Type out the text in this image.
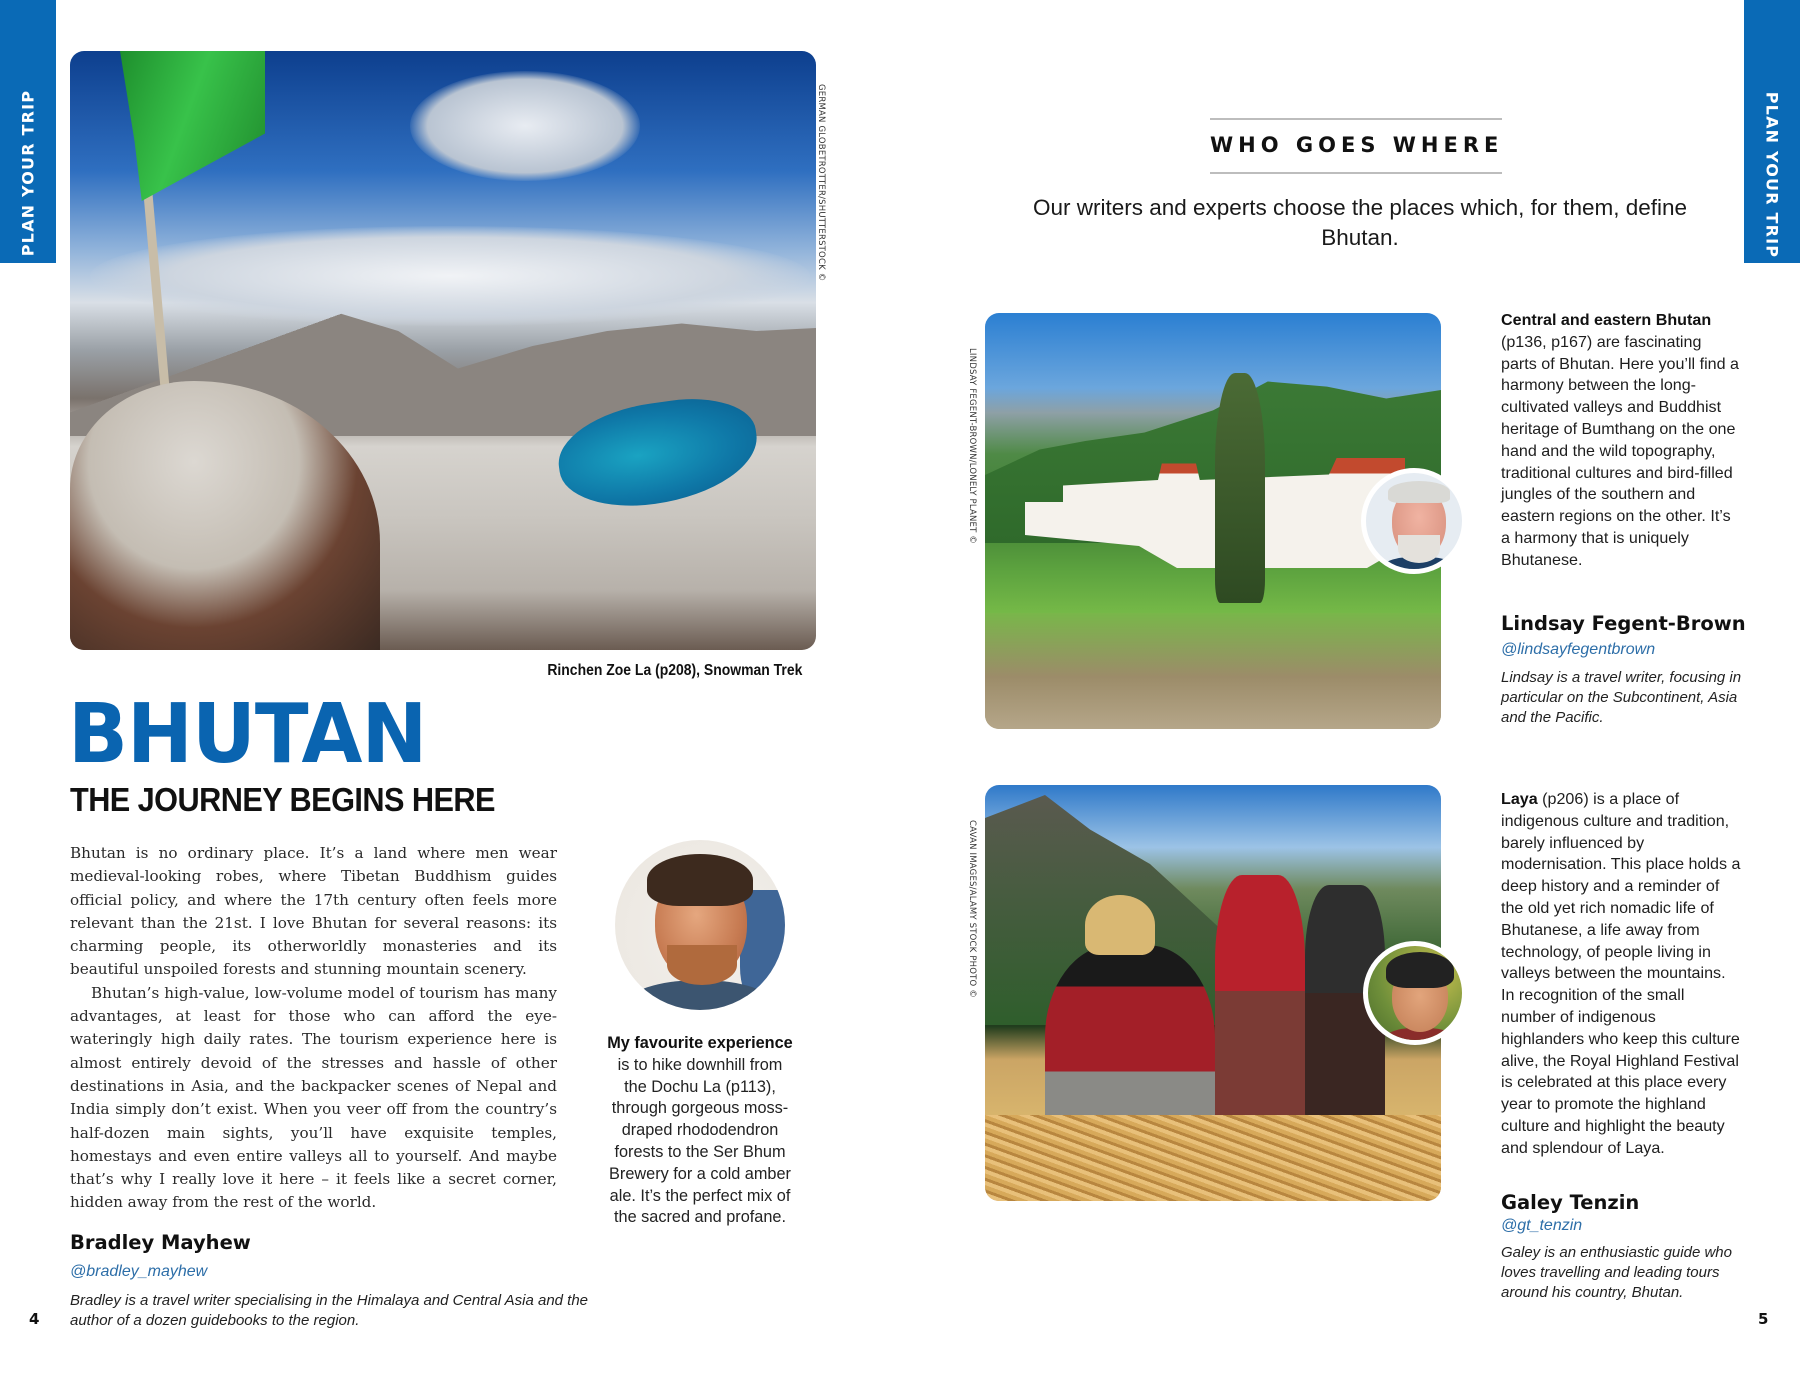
PLAN YOUR TRIP	PLAN YOUR TRIP
GERMAN GLOBETROTTER/SHUTTERSTOCK ©
Rinchen Zoe La (p208), Snowman Trek
BHUTAN
THE JOURNEY BEGINS HERE

Bhutan is no ordinary place. It’s a land where men wear medieval-looking robes, where Tibetan Buddhism guides official policy, and where the 17th century often feels more relevant than the 21st. I love Bhutan for several reasons: its charming people, its otherworldly monasteries and its beautiful unspoiled forests and stunning mountain scenery.

Bhutan’s high-value, low-volume model of tourism has many advantages, at least for those who can afford the eye-wateringly high daily rates. The tourism experience here is almost entirely devoid of the stresses and hassle of other destinations in Asia, and the backpacker scenes of Nepal and India simply don’t exist. When you veer off from the country’s half-dozen main sights, you’ll have exquisite temples, homestays and even entire valleys all to yourself. And maybe that’s why I really love it here – it feels like a secret corner, hidden away from the rest of the world.

Bradley Mayhew
@bradley_mayhew
Bradley is a travel writer specialising in the Himalaya and Central Asia and the author of a dozen guidebooks to the region.
My favourite experience is to hike downhill from the Dochu La (p113), through gorgeous moss-draped rhododendron forests to the Ser Bhum Brewery for a cold amber ale. It’s the perfect mix of the sacred and profane.
4
WHO GOES WHERE
Our writers and experts choose the places which, for them, define Bhutan.
LINDSAY FEGENT-BROWN/LONELY PLANET ©
Central and eastern Bhutan (p136, p167) are fascinating parts of Bhutan. Here you’ll find a harmony between the long-cultivated valleys and Buddhist heritage of Bumthang on the one hand and the wild topography, traditional cultures and bird-filled jungles of the southern and eastern regions on the other. It’s a harmony that is uniquely Bhutanese.
Lindsay Fegent-Brown
@lindsayfegentbrown
Lindsay is a travel writer, focusing in particular on the Subcontinent, Asia and the Pacific.
CAVAN IMAGES/ALAMY STOCK PHOTO ©
Laya (p206) is a place of indigenous culture and tradition, barely influenced by modernisation. This place holds a deep history and a reminder of the old yet rich nomadic life of Bhutanese, a life away from technology, of people living in valleys between the mountains. In recognition of the small number of indigenous highlanders who keep this culture alive, the Royal Highland Festival is celebrated at this place every year to promote the highland culture and highlight the beauty and splendour of Laya.
Galey Tenzin
@gt_tenzin
Galey is an enthusiastic guide who loves travelling and leading tours around his country, Bhutan.
5
